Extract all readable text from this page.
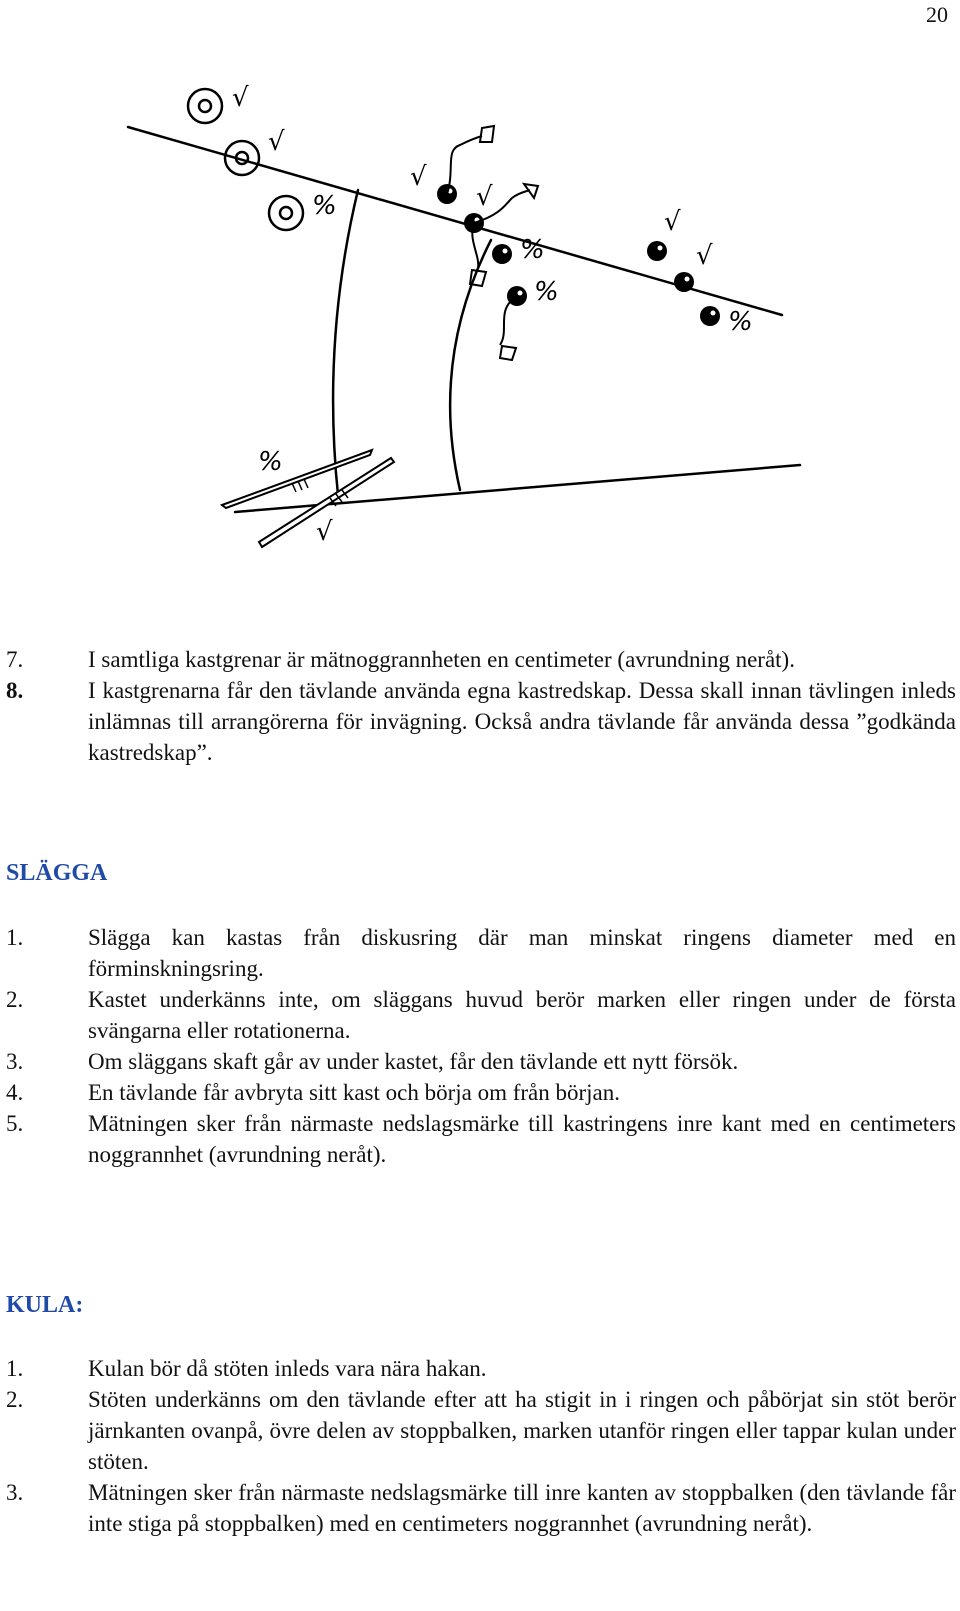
20
√
√
%
√
√
%
%
√
√
%
%
√
7.	I samtliga kastgrenar är mätnoggrannheten en centimeter (avrundning neråt).
8.	I kastgrenarna får den tävlande använda egna kastredskap. Dessa skall innan tävlingen inleds inlämnas till arrangörerna för invägning. Också andra tävlande får använda dessa ”godkända kastredskap”.
SLÄGGA
1.	Slägga kan kastas från diskusring där man minskat ringens diameter med en förminskningsring.
2.	Kastet underkänns inte, om släggans huvud berör marken eller ringen under de första svängarna eller rotationerna.
3.	Om släggans skaft går av under kastet, får den tävlande ett nytt försök.
4.	En tävlande får avbryta sitt kast och börja om från början.
5.	Mätningen sker från närmaste nedslagsmärke till kastringens inre kant med en centimeters noggrannhet (avrundning neråt).
KULA:
1.	Kulan bör då stöten inleds vara nära hakan.
2.	Stöten underkänns om den tävlande efter att ha stigit in i ringen och påbörjat sin stöt berör järnkanten ovanpå, övre delen av stoppbalken, marken utanför ringen eller tappar kulan under stöten.
3.	Mätningen sker från närmaste nedslagsmärke till inre kanten av stoppbalken (den tävlande får inte stiga på stoppbalken) med en centimeters noggrannhet (avrundning neråt).
